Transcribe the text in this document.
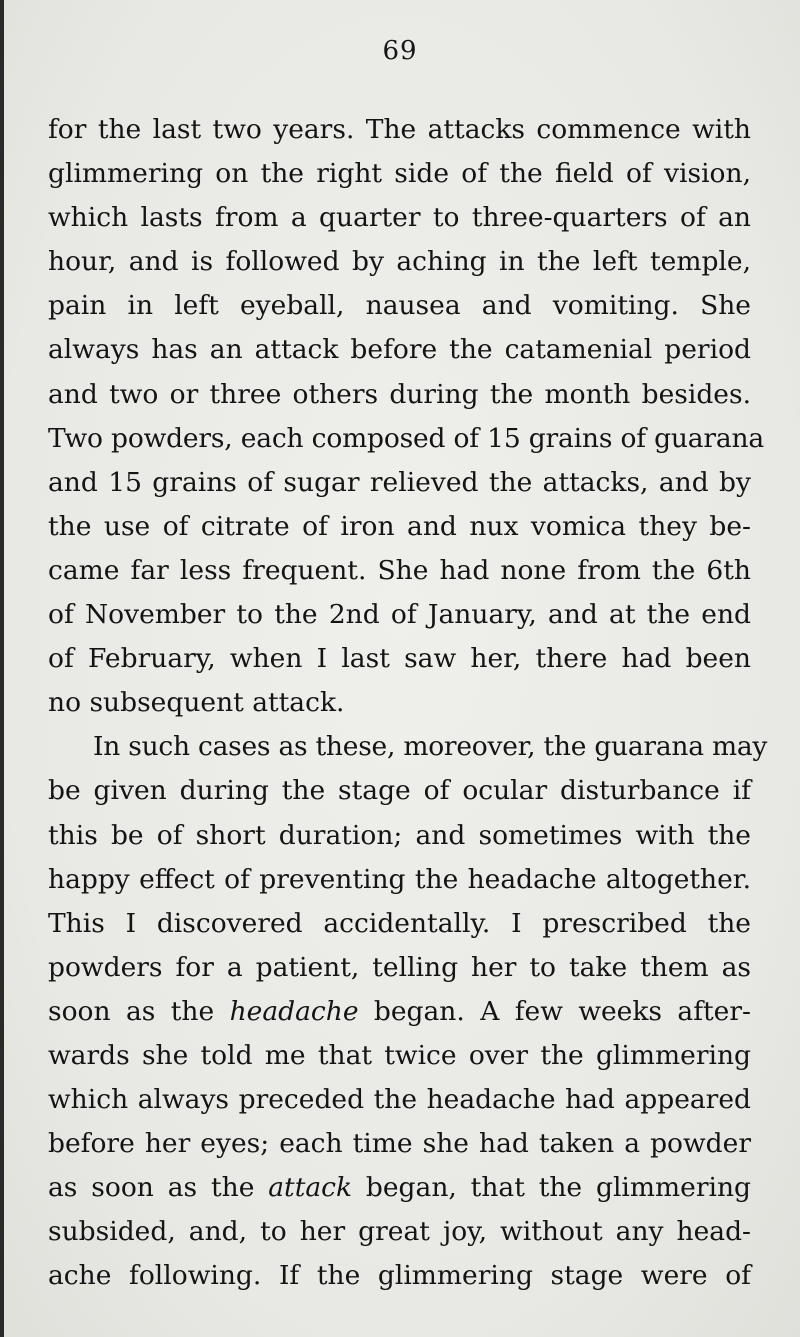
69
for the last two years. The attacks commence with
glimmering on the right side of the field of vision,
which lasts from a quarter to three-quarters of an
hour, and is followed by aching in the left temple,
pain in left eyeball, nausea and vomiting. She
always has an attack before the catamenial period
and two or three others during the month besides.
Two powders, each composed of 15 grains of guarana
and 15 grains of sugar relieved the attacks, and by
the use of citrate of iron and nux vomica they be-
came far less frequent. She had none from the 6th
of November to the 2nd of January, and at the end
of February, when I last saw her, there had been
no subsequent attack.
In such cases as these, moreover, the guarana may
be given during the stage of ocular disturbance if
this be of short duration; and sometimes with the
happy effect of preventing the headache altogether.
This I discovered accidentally. I prescribed the
powders for a patient, telling her to take them as
soon as the headache began. A few weeks after-
wards she told me that twice over the glimmering
which always preceded the headache had appeared
before her eyes; each time she had taken a powder
as soon as the attack began, that the glimmering
subsided, and, to her great joy, without any head-
ache following. If the glimmering stage were of
